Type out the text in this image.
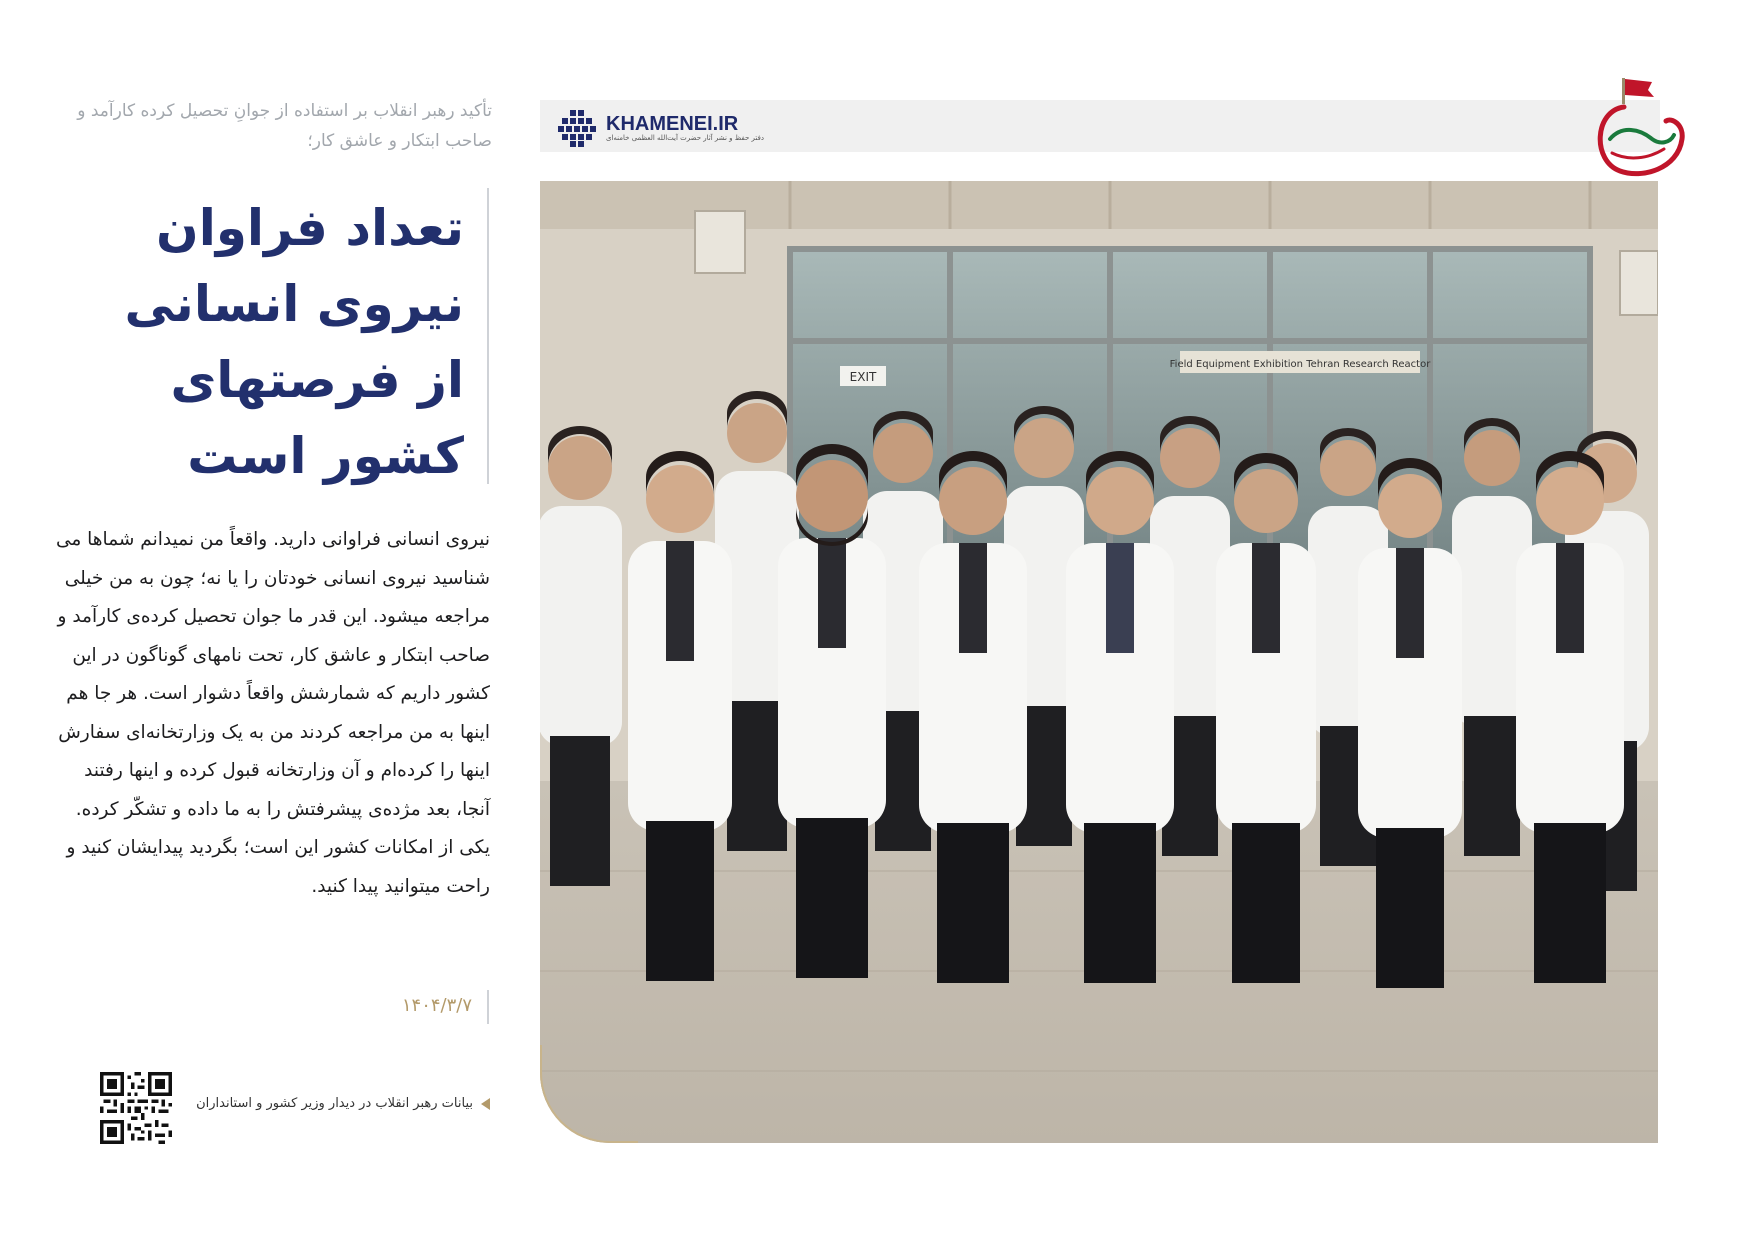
تأکید رهبر انقلاب بر استفاده از جوانِ تحصیل کرده کارآمد و صاحب ابتکار و عاشق کار؛
تعداد فراوان
نیروی انسانی
از فرصتهای
کشور است
نیروی انسانی فراوانی دارید. واقعاً من نمیدانم شماها می شناسید نیروی انسانی خودتان را یا نه؛ چون به من خیلی مراجعه میشود. این قدر ما جوان تحصیل کرده‌ی کارآمد و صاحب ابتکار و عاشق کار، تحت نامهای گوناگون در این کشور داریم که شمارشش واقعاً دشوار است. هر جا هم اینها به من مراجعه کردند من به یک وزارتخانه‌ای سفارش اینها را کرده‌ام و آن وزارتخانه قبول کرده و اینها رفتند آنجا، بعد مژده‌ی پیشرفتش را به ما داده و تشکّر کرده. یکی از امکانات کشور این است؛ بگردید پیدایشان کنید و راحت میتوانید پیدا کنید.
۱۴۰۴/۳/۷
بیانات رهبر انقلاب در دیدار وزیر کشور و استانداران
KHAMENEI.IR
دفتر حفظ و نشر آثار حضرت آیت‌الله العظمی خامنه‌ای
Field Equipment Exhibition Tehran Research Reactor
EXIT
